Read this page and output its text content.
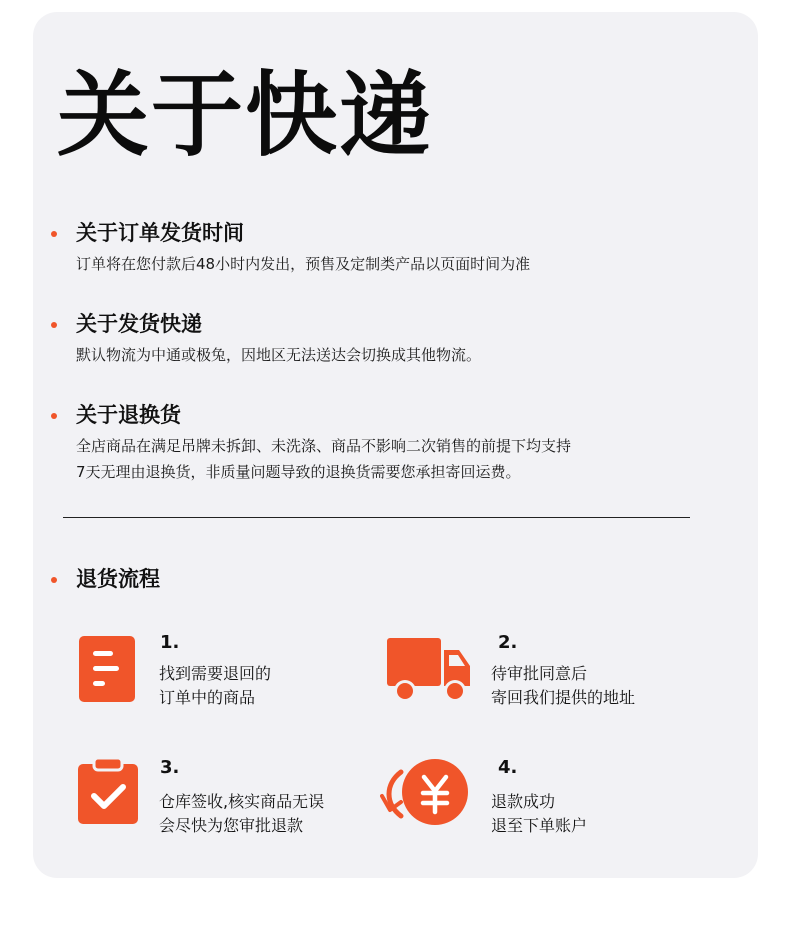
关于快递
关于订单发货时间
订单将在您付款后48小时内发出，预售及定制类产品以页面时间为准
关于发货快递
默认物流为中通或极兔，因地区无法送达会切换成其他物流。
关于退换货
全店商品在满足吊牌未拆卸、未洗涤、商品不影响二次销售的前提下均支持
7天无理由退换货，非质量问题导致的退换货需要您承担寄回运费。
退货流程
1.
找到需要退回的
订单中的商品
2.
待审批同意后
寄回我们提供的地址
3.
仓库签收,核实商品无误
会尽快为您审批退款
4.
退款成功
退至下单账户
